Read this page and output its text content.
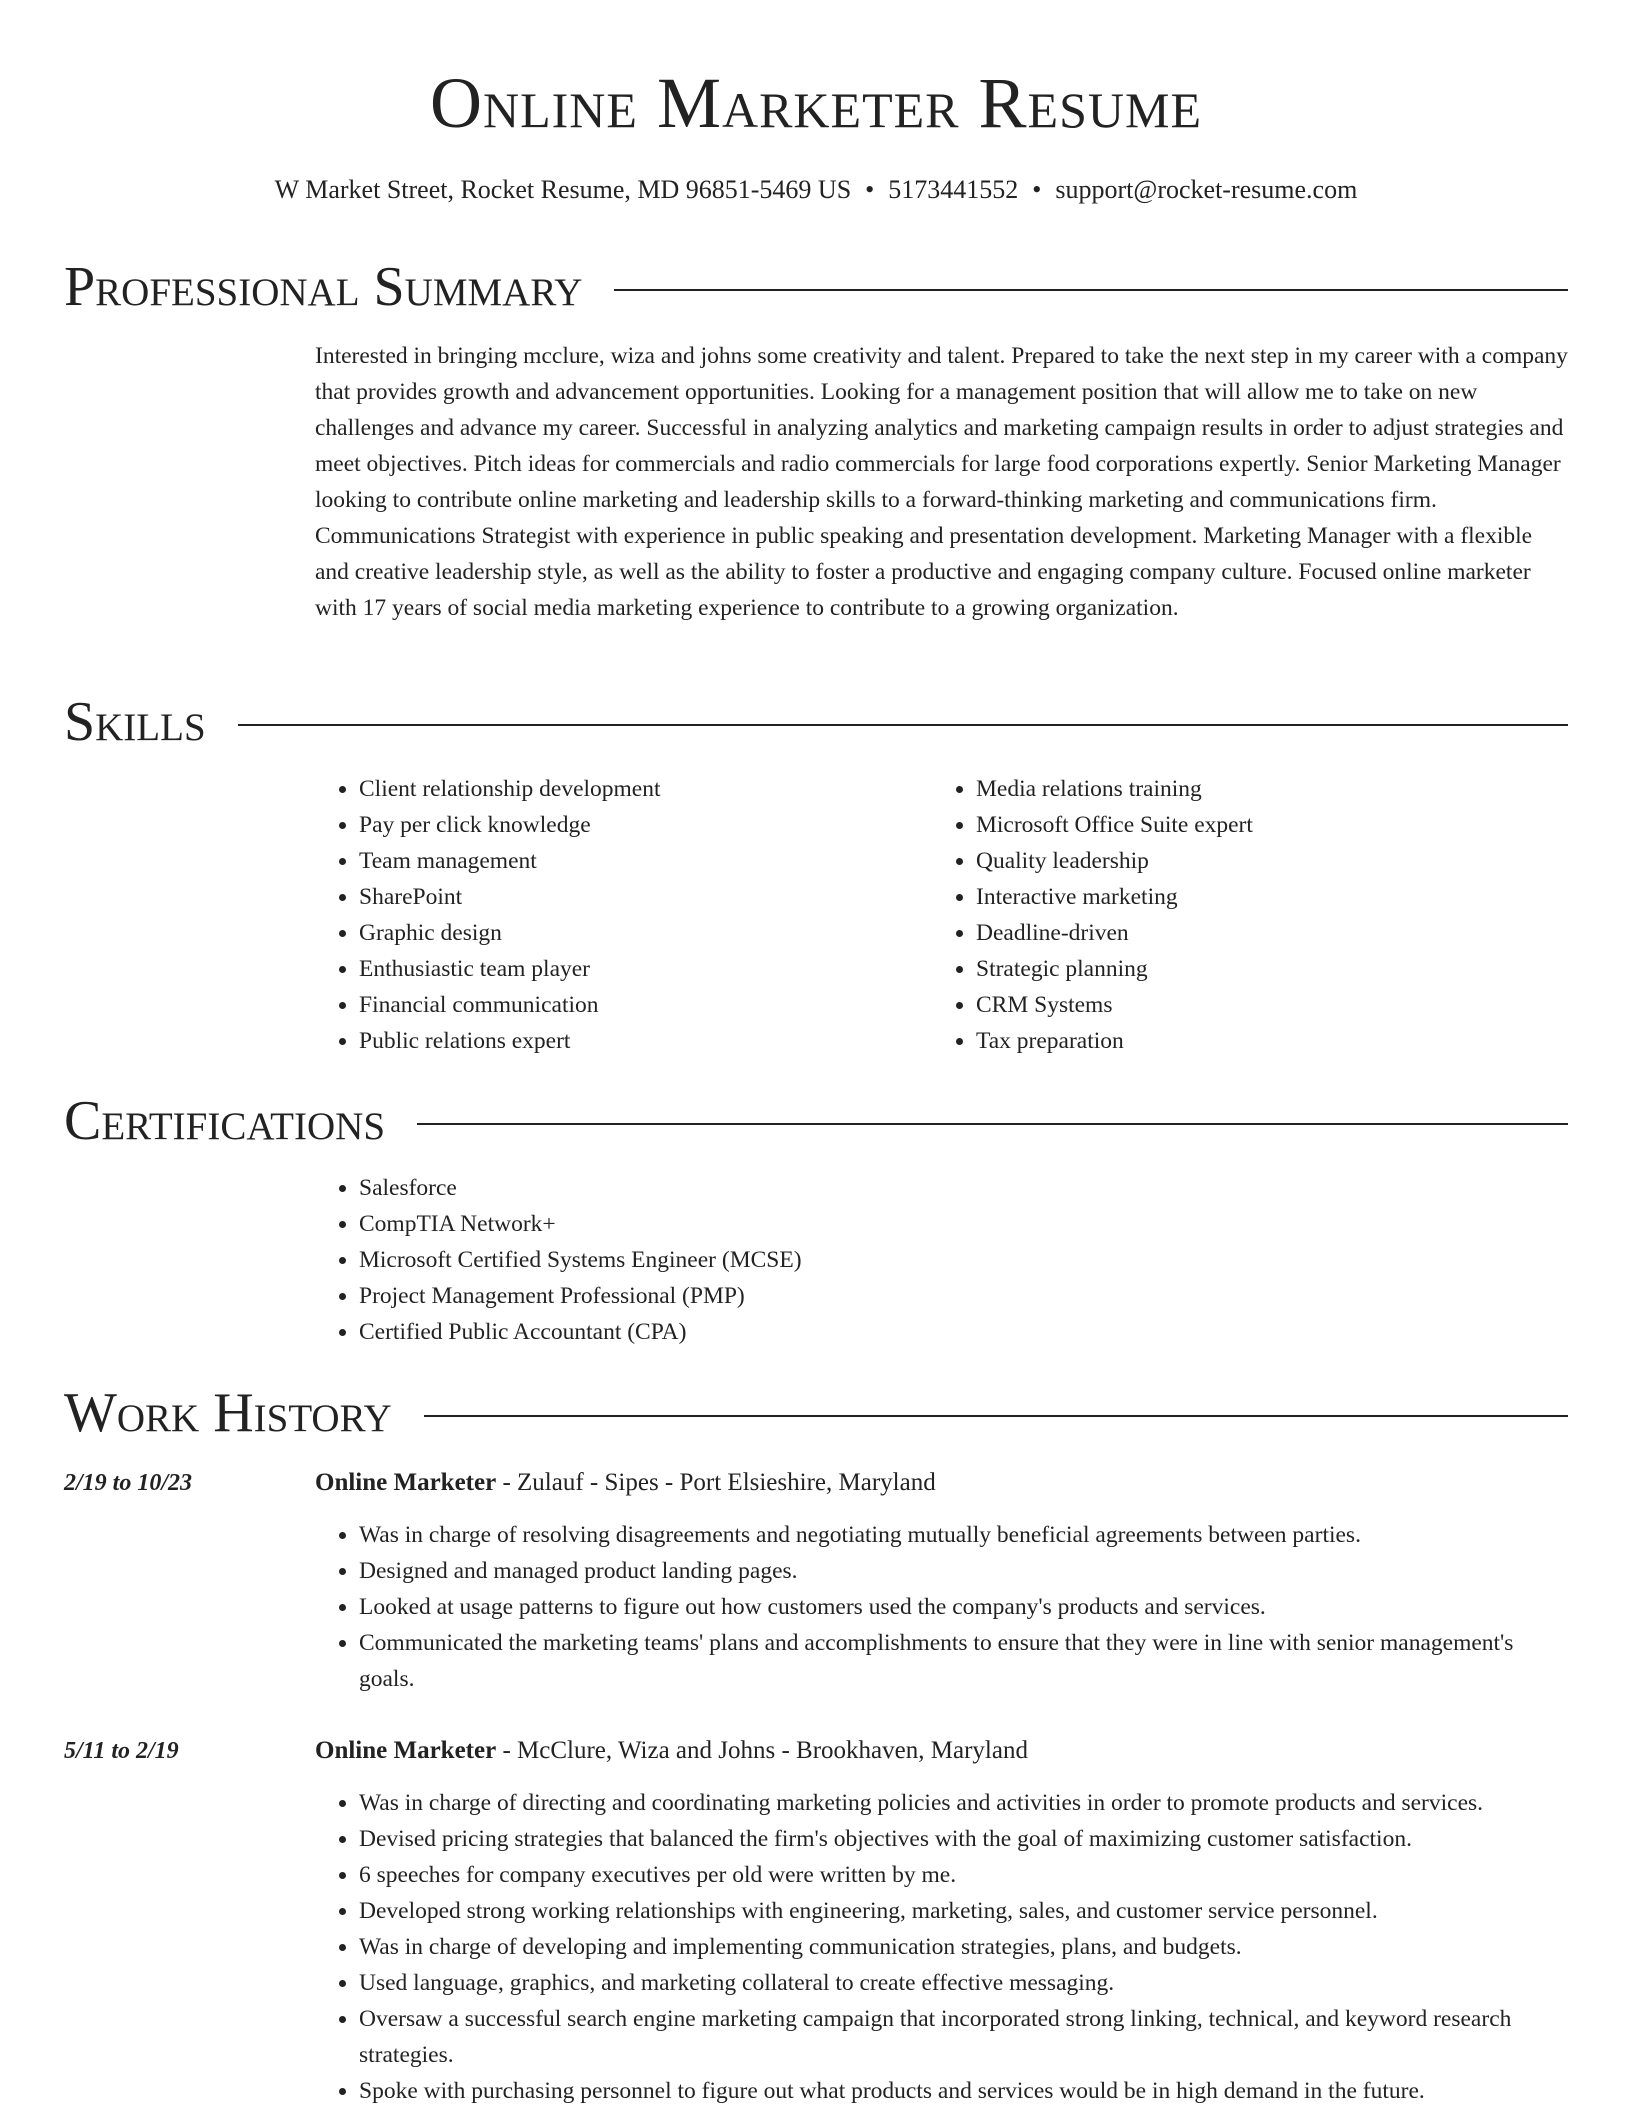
Online Marketer Resume
W Market Street, Rocket Resume, MD 96851-5469 US • 5173441552 • support@rocket-resume.com
Professional Summary

Interested in bringing mcclure, wiza and johns some creativity and talent. Prepared to take the next step in my career with a company that provides growth and advancement opportunities. Looking for a management position that will allow me to take on new challenges and advance my career. Successful in analyzing analytics and marketing campaign results in order to adjust strategies and meet objectives. Pitch ideas for commercials and radio commercials for large food corporations expertly. Senior Marketing Manager looking to contribute online marketing and leadership skills to a forward-thinking marketing and communications firm. Communications Strategist with experience in public speaking and presentation development. Marketing Manager with a flexible and creative leadership style, as well as the ability to foster a productive and engaging company culture. Focused online marketer with 17 years of social media marketing experience to contribute to a growing organization.

Skills
• Client relationship development
• Pay per click knowledge
• Team management
• SharePoint
• Graphic design
• Enthusiastic team player
• Financial communication
• Public relations expert
• Media relations training
• Microsoft Office Suite expert
• Quality leadership
• Interactive marketing
• Deadline-driven
• Strategic planning
• CRM Systems
• Tax preparation
Certifications
• Salesforce
• CompTIA Network+
• Microsoft Certified Systems Engineer (MCSE)
• Project Management Professional (PMP)
• Certified Public Accountant (CPA)
Work History
2/19 to 10/23	Online Marketer - Zulauf - Sipes - Port Elsieshire, Maryland
• Was in charge of resolving disagreements and negotiating mutually beneficial agreements between parties.
• Designed and managed product landing pages.
• Looked at usage patterns to figure out how customers used the company's products and services.
• Communicated the marketing teams' plans and accomplishments to ensure that they were in line with senior management's goals.
5/11 to 2/19	Online Marketer - McClure, Wiza and Johns - Brookhaven, Maryland
• Was in charge of directing and coordinating marketing policies and activities in order to promote products and services.
• Devised pricing strategies that balanced the firm's objectives with the goal of maximizing customer satisfaction.
• 6 speeches for company executives per old were written by me.
• Developed strong working relationships with engineering, marketing, sales, and customer service personnel.
• Was in charge of developing and implementing communication strategies, plans, and budgets.
• Used language, graphics, and marketing collateral to create effective messaging.
• Oversaw a successful search engine marketing campaign that incorporated strong linking, technical, and keyword research strategies.
• Spoke with purchasing personnel to figure out what products and services would be in high demand in the future.
